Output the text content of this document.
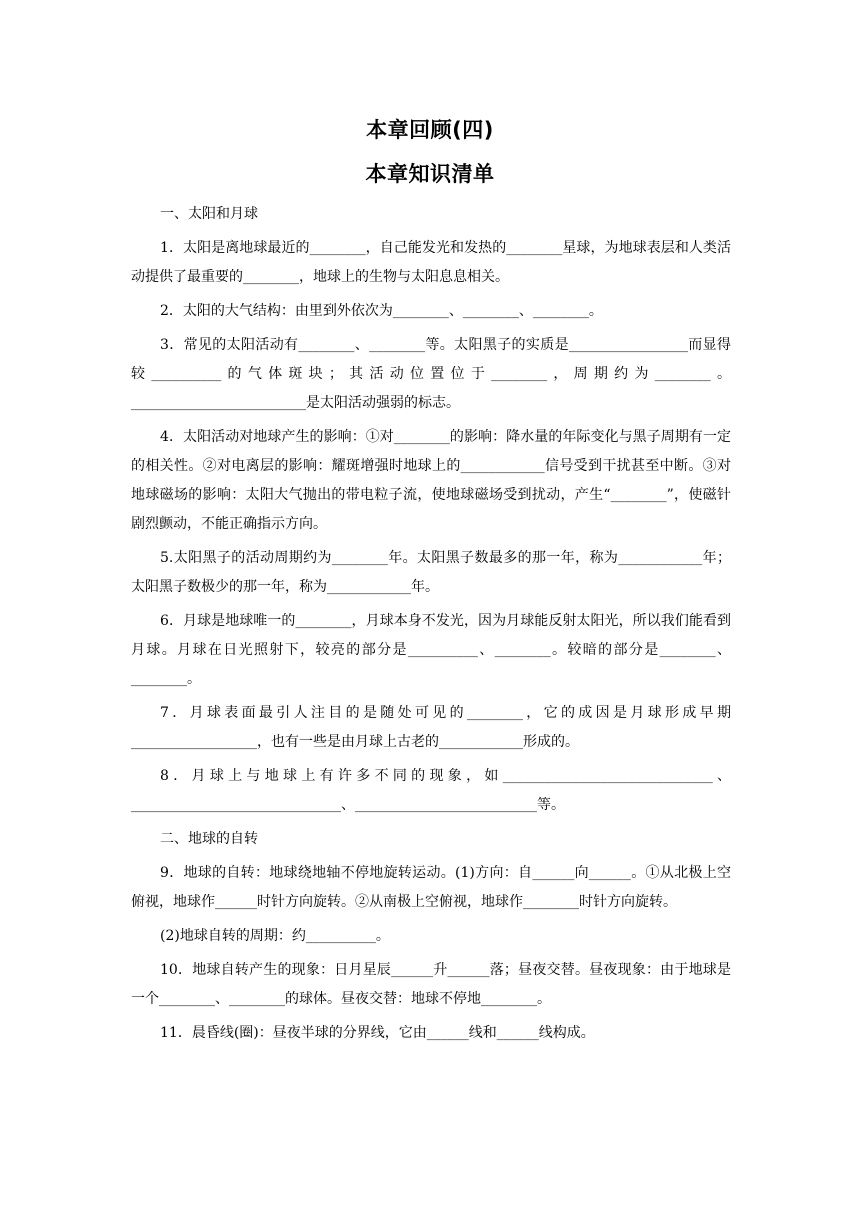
本章回顾(四)
本章知识清单

一、太阳和月球

1．太阳是离地球最近的________，自己能发光和发热的________星球，为地球表层和人类活动提供了最重要的________，地球上的生物与太阳息息相关。

2．太阳的大气结构：由里到外依次为________、________、________。

3．常见的太阳活动有________、________等。太阳黑子的实质是_________________而显得较__________的气体斑块；其活动位置位于________，周期约为________。_________________________是太阳活动强弱的标志。

4．太阳活动对地球产生的影响：①对________的影响：降水量的年际变化与黑子周期有一定的相关性。②对电离层的影响：耀斑增强时地球上的____________信号受到干扰甚至中断。③对地球磁场的影响：太阳大气抛出的带电粒子流，使地球磁场受到扰动，产生“________”，使磁针剧烈颤动，不能正确指示方向。

5.太阳黑子的活动周期约为________年。太阳黑子数最多的那一年，称为____________年；太阳黑子数极少的那一年，称为____________年。

6．月球是地球唯一的________，月球本身不发光，因为月球能反射太阳光，所以我们能看到月球。月球在日光照射下，较亮的部分是__________、________。较暗的部分是________、________。

7．月球表面最引人注目的是随处可见的________，它的成因是月球形成早期__________________，也有一些是由月球上古老的____________形成的。

8．月球上与地球上有许多不同的现象，如______________________________、______________________________、__________________________等。

二、地球的自转

9．地球的自转：地球绕地轴不停地旋转运动。(1)方向：自______向______。①从北极上空俯视，地球作______时针方向旋转。②从南极上空俯视，地球作________时针方向旋转。

(2)地球自转的周期：约__________。

10．地球自转产生的现象：日月星辰______升______落；昼夜交替。昼夜现象：由于地球是一个________、________的球体。昼夜交替：地球不停地________。

11．晨昏线(圈)：昼夜半球的分界线，它由______线和______线构成。
